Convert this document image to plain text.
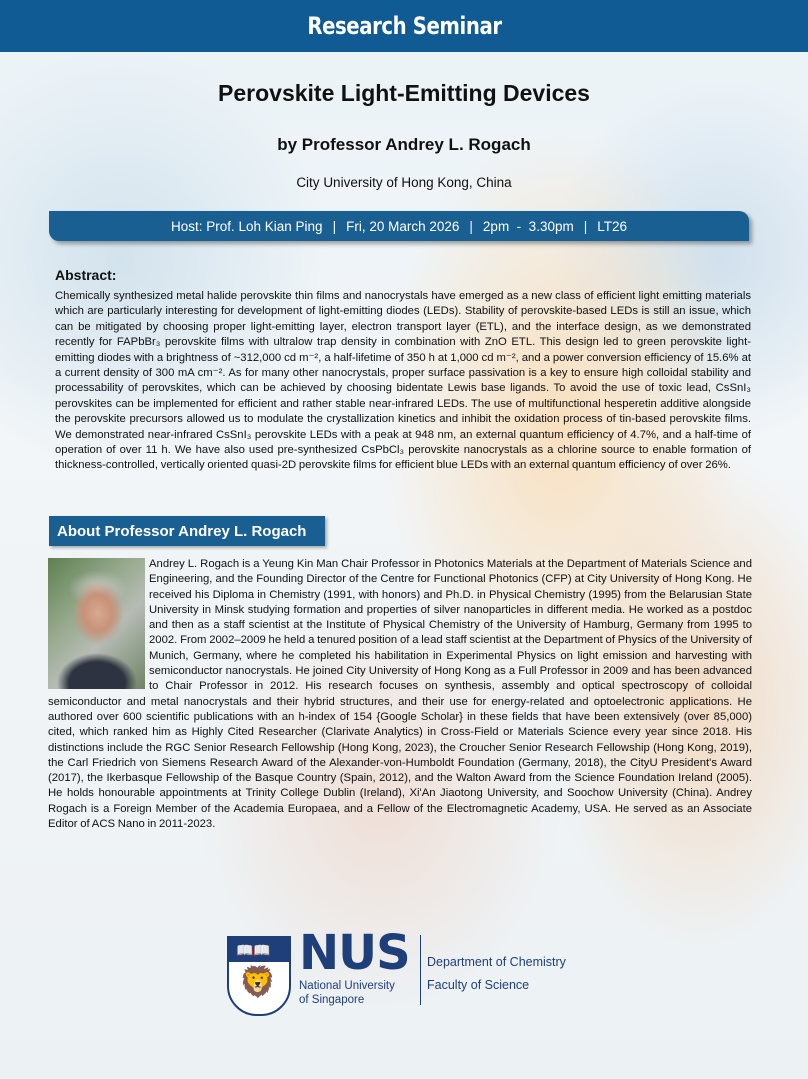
Research Seminar
Perovskite Light-Emitting Devices
by Professor Andrey L. Rogach
City University of Hong Kong, China
Host: Prof. Loh Kian Ping | Fri, 20 March 2026 | 2pm  -  3.30pm | LT26
Abstract:
Chemically synthesized metal halide perovskite thin films and nanocrystals have emerged as a new class of efficient light emitting materials which are particularly interesting for development of light-emitting diodes (LEDs). Stability of perovskite-based LEDs is still an issue, which can be mitigated by choosing proper light-emitting layer, electron transport layer (ETL), and the interface design, as we demonstrated recently for FAPbBr₃ perovskite films with ultralow trap density in combination with ZnO ETL. This design led to green perovskite light-emitting diodes with a brightness of ~312,000 cd m⁻², a half-lifetime of 350 h at 1,000 cd m⁻², and a power conversion efficiency of 15.6% at a current density of 300 mA cm⁻². As for many other nanocrystals, proper surface passivation is a key to ensure high colloidal stability and processability of perovskites, which can be achieved by choosing bidentate Lewis base ligands. To avoid the use of toxic lead, CsSnI₃ perovskites can be implemented for efficient and rather stable near-infrared LEDs. The use of multifunctional hesperetin additive alongside the perovskite precursors allowed us to modulate the crystallization kinetics and inhibit the oxidation process of tin-based perovskite films. We demonstrated near-infrared CsSnI₃ perovskite LEDs with a peak at 948 nm, an external quantum efficiency of 4.7%, and a half-time of operation of over 11 h. We have also used pre-synthesized CsPbCl₃ perovskite nanocrystals as a chlorine source to enable formation of thickness-controlled, vertically oriented quasi-2D perovskite films for efficient blue LEDs with an external quantum efficiency of over 26%.
About Professor Andrey L. Rogach
Andrey L. Rogach is a Yeung Kin Man Chair Professor in Photonics Materials at the Department of Materials Science and Engineering, and the Founding Director of the Centre for Functional Photonics (CFP) at City University of Hong Kong. He received his Diploma in Chemistry (1991, with honors) and Ph.D. in Physical Chemistry (1995) from the Belarusian State University in Minsk studying formation and properties of silver nanoparticles in different media. He worked as a postdoc and then as a staff scientist at the Institute of Physical Chemistry of the University of Hamburg, Germany from 1995 to 2002. From 2002–2009 he held a tenured position of a lead staff scientist at the Department of Physics of the University of Munich, Germany, where he completed his habilitation in Experimental Physics on light emission and harvesting with semiconductor nanocrystals. He joined City University of Hong Kong as a Full Professor in 2009 and has been advanced to Chair Professor in 2012. His research focuses on synthesis, assembly and optical spectroscopy of colloidal semiconductor and metal nanocrystals and their hybrid structures, and their use for energy-related and optoelectronic applications. He authored over 600 scientific publications with an h-index of 154 {Google Scholar} in these fields that have been extensively (over 85,000) cited, which ranked him as Highly Cited Researcher (Clarivate Analytics) in Cross-Field or Materials Science every year since 2018. His distinctions include the RGC Senior Research Fellowship (Hong Kong, 2023), the Croucher Senior Research Fellowship (Hong Kong, 2019), the Carl Friedrich von Siemens Research Award of the Alexander-von-Humboldt Foundation (Germany, 2018), the CityU President's Award (2017), the Ikerbasque Fellowship of the Basque Country (Spain, 2012), and the Walton Award from the Science Foundation Ireland (2005). He holds honourable appointments at Trinity College Dublin (Ireland), Xi'An Jiaotong University, and Soochow University (China). Andrey Rogach is a Foreign Member of the Academia Europaea, and a Fellow of the Electromagnetic Academy, USA. He served as an Associate Editor of ACS Nano in 2011-2023.
📖📖
🦁
NUS
National University
of Singapore
Department of Chemistry
Faculty of Science
